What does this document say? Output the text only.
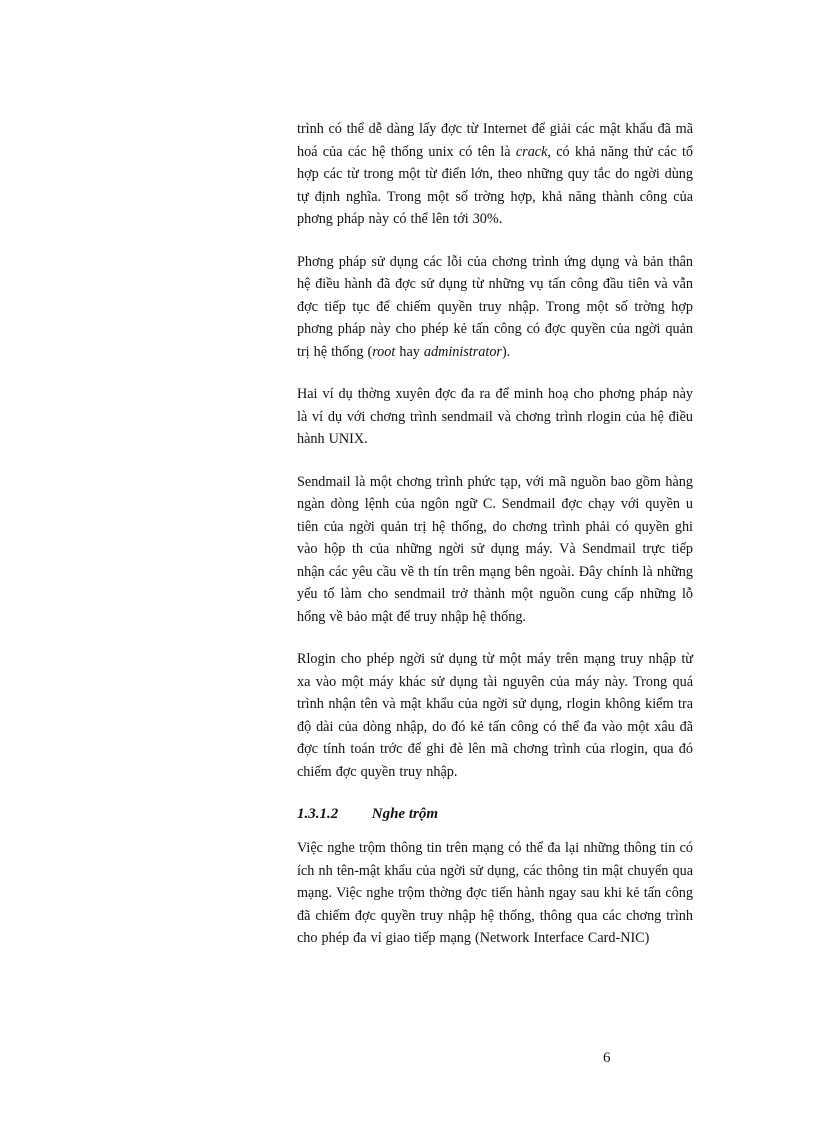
trình có thể dễ dàng lấy đợc từ Internet để giải các mật khẩu đã mã hoá của các hệ thống unix có tên là crack, có khả năng thử các tổ hợp các từ trong một từ điển lớn, theo những quy tắc do ngời dùng tự định nghĩa. Trong một số trờng hợp, khả năng thành công của phơng pháp này có thể lên tới 30%.

Phơng pháp sử dụng các lỗi của chơng trình ứng dụng và bản thân hệ điều hành đã đợc sử dụng từ những vụ tấn công đầu tiên và vẫn đợc tiếp tục để chiếm quyền truy nhập. Trong một số trờng hợp phơng pháp này cho phép kẻ tấn công có đợc quyền của ngời quản trị hệ thống (root hay administrator).

Hai ví dụ thờng xuyên đợc đa ra để minh hoạ cho phơng pháp này là ví dụ với chơng trình sendmail và chơng trình rlogin của hệ điều hành UNIX.

Sendmail là một chơng trình phức tạp, với mã nguồn bao gồm hàng ngàn dòng lệnh của ngôn ngữ C. Sendmail đợc chạy với quyền u tiên của ngời quản trị hệ thống, do chơng trình phải có quyền ghi vào hộp th của những ngời sử dụng máy. Và Sendmail trực tiếp nhận các yêu cầu về th tín trên mạng bên ngoài. Đây chính là những yếu tố làm cho sendmail trở thành một nguồn cung cấp những lỗ hổng về bảo mật để truy nhập hệ thống.

Rlogin cho phép ngời sử dụng từ một máy trên mạng truy nhập từ xa vào một máy khác sử dụng tài nguyên của máy này. Trong quá trình nhận tên và mật khẩu của ngời sử dụng, rlogin không kiểm tra độ dài của dòng nhập, do đó kẻ tấn công có thể đa vào một xâu đã đợc tính toán trớc để ghi đè lên mã chơng trình của rlogin, qua đó chiếm đợc quyền truy nhập.

1.3.1.2 Nghe trộm

Việc nghe trộm thông tin trên mạng có thể đa lại những thông tin có ích nh tên-mật khẩu của ngời sử dụng, các thông tin mật chuyển qua mạng. Việc nghe trộm thờng đợc tiến hành ngay sau khi kẻ tấn công đã chiếm đợc quyền truy nhập hệ thống, thông qua các chơng trình cho phép đa vỉ giao tiếp mạng (Network Interface Card-NIC)

6
